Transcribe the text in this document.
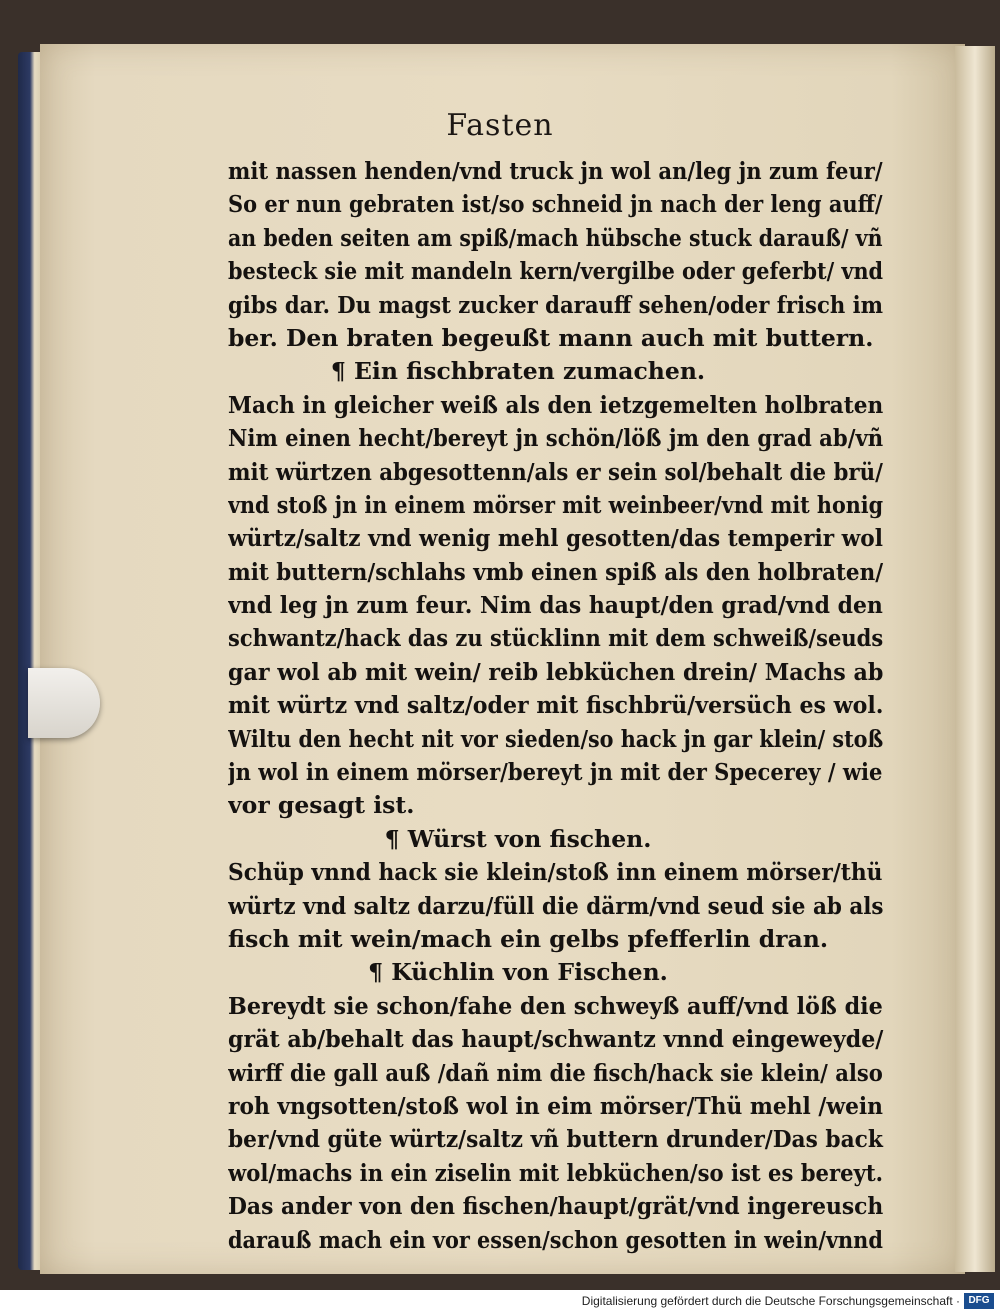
Fasten
mit nassen henden/vnd truck jn wol an/leg jn zum feur/
So er nun gebraten ist/so schneid jn nach der leng auff/
an beden seiten am spiß/mach hübsche stuck darauß/ vñ
besteck sie mit mandeln kern/vergilbe oder geferbt/ vnd
gibs dar. Du magst zucker darauff sehen/oder frisch im
ber. Den braten begeußt mann auch mit buttern.
¶ Ein fischbraten zumachen.
Mach in gleicher weiß als den ietzgemelten holbraten
Nim einen hecht/bereyt jn schön/löß jm den grad ab/vñ
mit würtzen abgesottenn/als er sein sol/behalt die brü/
vnd stoß jn in einem mörser mit weinbeer/vnd mit honig
würtz/saltz vnd wenig mehl gesotten/das temperir wol
mit buttern/schlahs vmb einen spiß als den holbraten/
vnd leg jn zum feur. Nim das haupt/den grad/vnd den
schwantz/hack das zu stücklinn mit dem schweiß/seuds
gar wol ab mit wein/ reib lebküchen drein/ Machs ab
mit würtz vnd saltz/oder mit fischbrü/versüch es wol.
Wiltu den hecht nit vor sieden/so hack jn gar klein/ stoß
jn wol in einem mörser/bereyt jn mit der Specerey / wie
vor gesagt ist.
¶ Würst von fischen.
Schüp vnnd hack sie klein/stoß inn einem mörser/thü
würtz vnd saltz darzu/füll die därm/vnd seud sie ab als
fisch mit wein/mach ein gelbs pfefferlin dran.
¶ Küchlin von Fischen.
Bereydt sie schon/fahe den schweyß auff/vnd löß die
grät ab/behalt das haupt/schwantz vnnd eingeweyde/
wirff die gall auß /dañ nim die fisch/hack sie klein/ also
roh vngsotten/stoß wol in eim mörser/Thü mehl /wein
ber/vnd güte würtz/saltz vñ buttern drunder/Das back
wol/machs in ein ziselin mit lebküchen/so ist es bereyt.
Das ander von den fischen/haupt/grät/vnd ingereusch
darauß mach ein vor essen/schon gesotten in wein/vnnd
Digitalisierung gefördert durch die Deutsche Forschungsgemeinschaft · DFG
